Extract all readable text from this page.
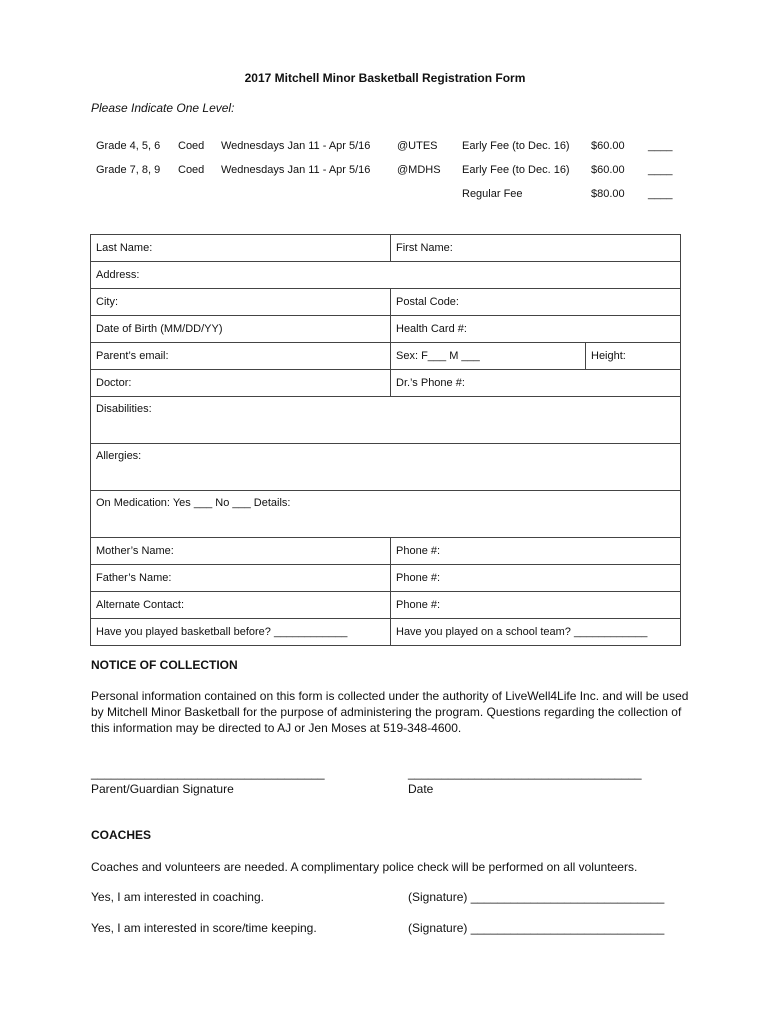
2017 Mitchell Minor Basketball Registration Form
Please Indicate One Level:
Grade 4, 5, 6 Coed Wednesdays Jan 11 - Apr 5/16 @UTES Early Fee (to Dec. 16) $60.00 ____
Grade 7, 8, 9 Coed Wednesdays Jan 11 - Apr 5/16 @MDHS Early Fee (to Dec. 16) $60.00 ____
Regular Fee	$80.00 ____
Last Name:	First Name:	
Address:		
City:	Postal Code:	
Date of Birth (MM/DD/YY)	Health Card #:	
Parent’s email:	Sex: F___ M ___	Height:
Doctor:	Dr.’s Phone #:	
Disabilities:		
Allergies:		
On Medication: Yes ___ No ___ Details:		
Mother’s Name:	Phone #:	
Father’s Name:	Phone #:	
Alternate Contact:	Phone #:	
Have you played basketball before? ____________	Have you played on a school team? ____________	
NOTICE OF COLLECTION
Personal information contained on this form is collected under the authority of LiveWell4Life Inc. and will be used by Mitchell Minor Basketball for the purpose of administering the program. Questions regarding the collection of this information may be directed to AJ or Jen Moses at 519-348-4600.
___________________________________
Parent/Guardian Signature
___________________________________
Date
COACHES
Coaches and volunteers are needed. A complimentary police check will be performed on all volunteers.
Yes, I am interested in coaching.	(Signature) _____________________________
Yes, I am interested in score/time keeping.	(Signature) _____________________________
